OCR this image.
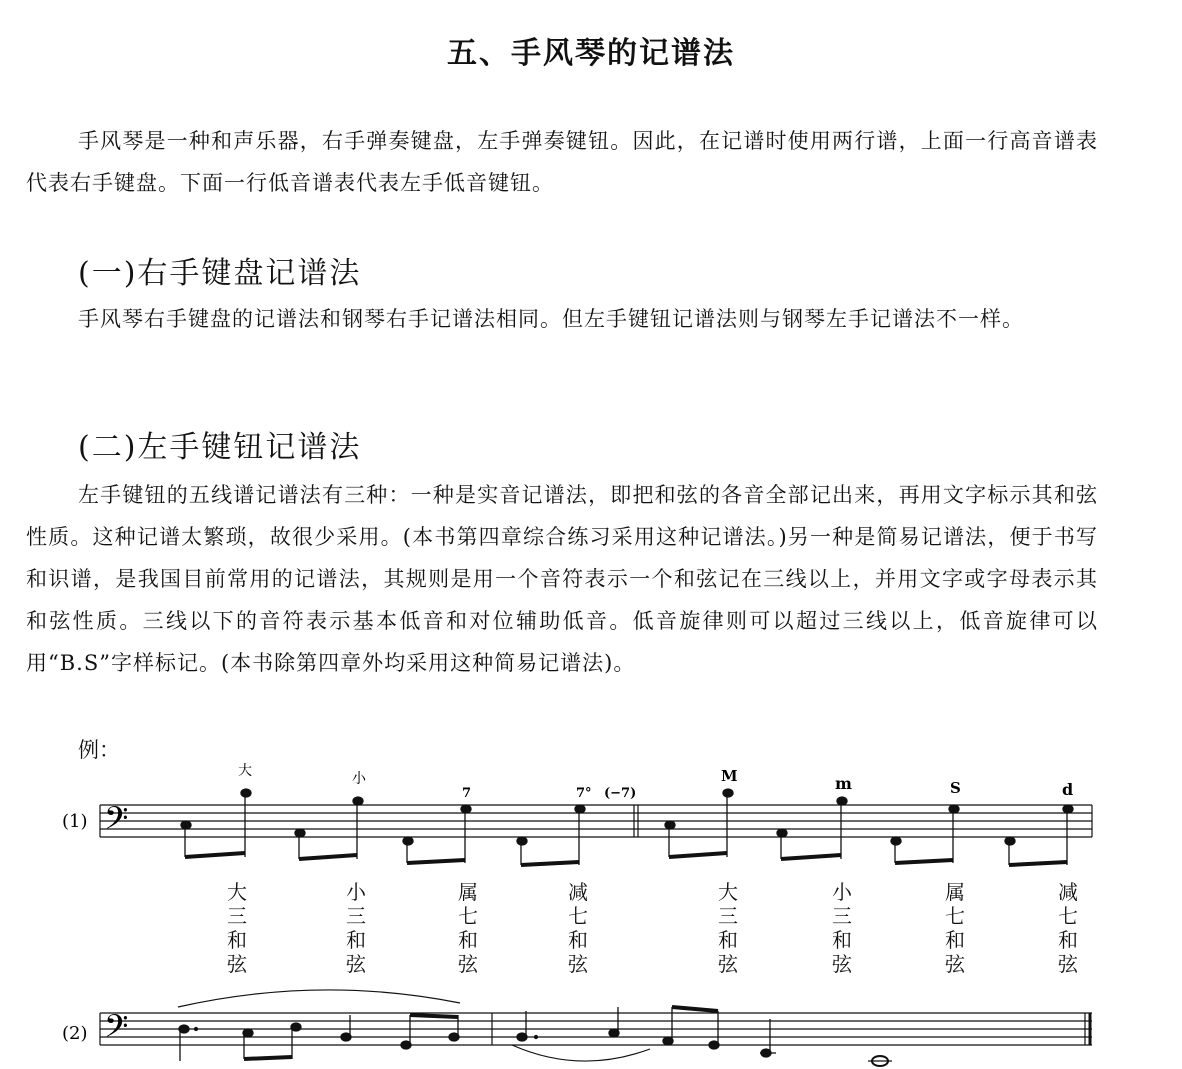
五、手风琴的记谱法

手风琴是一种和声乐器，右手弹奏键盘，左手弹奏键钮。因此，在记谱时使用两行谱，上面一行高音谱表代表右手键盘。下面一行低音谱表代表左手低音键钮。

(一)右手键盘记谱法

手风琴右手键盘的记谱法和钢琴右手记谱法相同。但左手键钮记谱法则与钢琴左手记谱法不一样。

(二)左手键钮记谱法

左手键钮的五线谱记谱法有三种：一种是实音记谱法，即把和弦的各音全部记出来，再用文字标示其和弦性质。这种记谱太繁琐，故很少采用。(本书第四章综合练习采用这种记谱法。)另一种是简易记谱法，便于书写和识谱，是我国目前常用的记谱法，其规则是用一个音符表示一个和弦记在三线以上，并用文字或字母表示其和弦性质。三线以下的音符表示基本低音和对位辅助低音。低音旋律则可以超过三线以上，低音旋律可以用“B.S”字样标记。(本书除第四章外均采用这种简易记谱法)。

例：
(1) 𝄢
大	小
7	7° (−7)
M	m	S	d
大
三
和
弦
小
三
和
弦
属
七
和
弦
减
七
和
弦
大
三
和
弦
小
三
和
弦
属
七
和
弦
减
七
和
弦
(2) 𝄢
